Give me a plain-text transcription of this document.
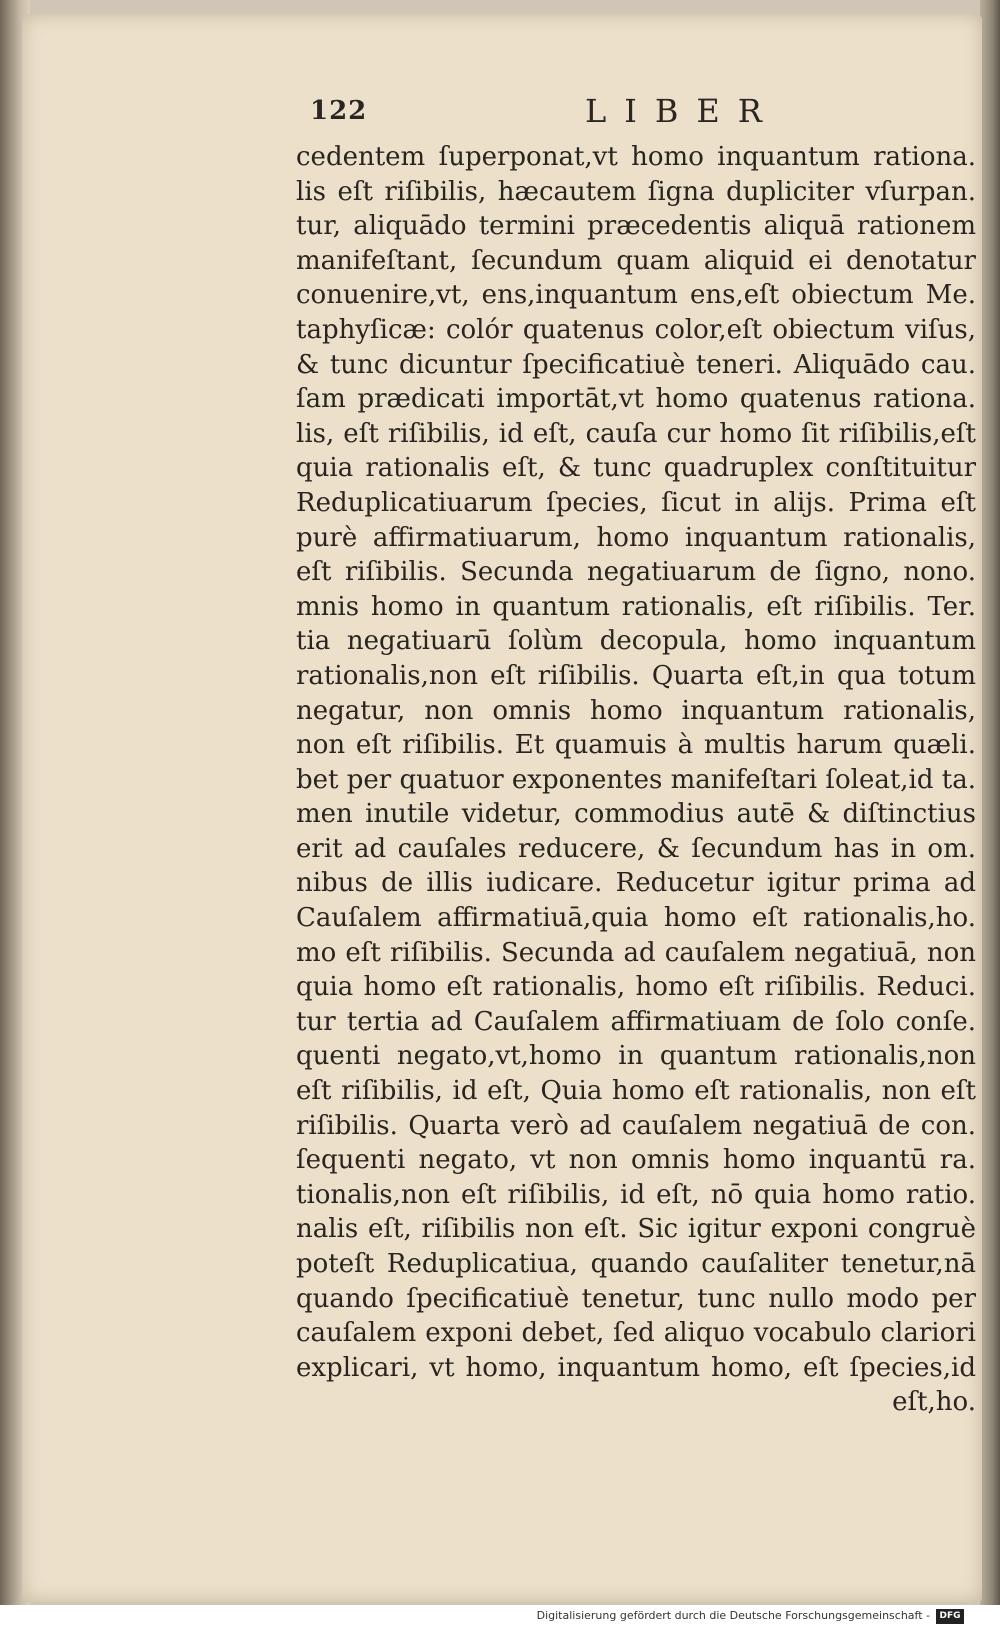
122	LIBER
cedentem ſuperponat,vt homo inquantum rationa.
lis eſt riſibilis, hæcautem ſigna dupliciter vſurpan.
tur, aliquādo termini præcedentis aliquā rationem
manifeſtant, ſecundum quam aliquid ei denotatur
conuenire,vt, ens,inquantum ens,eſt obiectum Me.
taphyſicæ: colór quatenus color,eſt obiectum viſus,
& tunc dicuntur ſpecificatiuè teneri. Aliquādo cau.
ſam prædicati importāt,vt homo quatenus rationa.
lis, eſt riſibilis, id eſt, cauſa cur homo ſit riſibilis,eſt
quia rationalis eſt, & tunc quadruplex conſtituitur
Reduplicatiuarum ſpecies, ſicut in alijs. Prima eſt
purè affirmatiuarum, homo inquantum rationalis,
eſt riſibilis. Secunda negatiuarum de ſigno, nono.
mnis homo in quantum rationalis, eſt riſibilis. Ter.
tia negatiuarū ſolùm decopula, homo inquantum
rationalis,non eſt riſibilis. Quarta eſt,in qua totum
negatur, non omnis homo inquantum rationalis,
non eſt riſibilis. Et quamuis à multis harum quæli.
bet per quatuor exponentes manifeſtari ſoleat,id ta.
men inutile videtur, commodius autē & diſtinctius
erit ad cauſales reducere, & ſecundum has in om.
nibus de illis iudicare. Reducetur igitur prima ad
Cauſalem affirmatiuā,quia homo eſt rationalis,ho.
mo eſt riſibilis. Secunda ad cauſalem negatiuā, non
quia homo eſt rationalis, homo eſt riſibilis. Reduci.
tur tertia ad Cauſalem affirmatiuam de ſolo conſe.
quenti negato,vt,homo in quantum rationalis,non
eſt riſibilis, id eſt, Quia homo eſt rationalis, non eſt
riſibilis. Quarta verò ad cauſalem negatiuā de con.
ſequenti negato, vt non omnis homo inquantū ra.
tionalis,non eſt riſibilis, id eſt, nō quia homo ratio.
nalis eſt, riſibilis non eſt. Sic igitur exponi congruè
poteſt Reduplicatiua, quando cauſaliter tenetur,nā
quando ſpecificatiuè tenetur, tunc nullo modo per
cauſalem exponi debet, ſed aliquo vocabulo clariori
explicari, vt homo, inquantum homo, eſt ſpecies,id
eſt,ho.
Digitalisierung gefördert durch die Deutsche Forschungsgemeinschaft -	DFG
